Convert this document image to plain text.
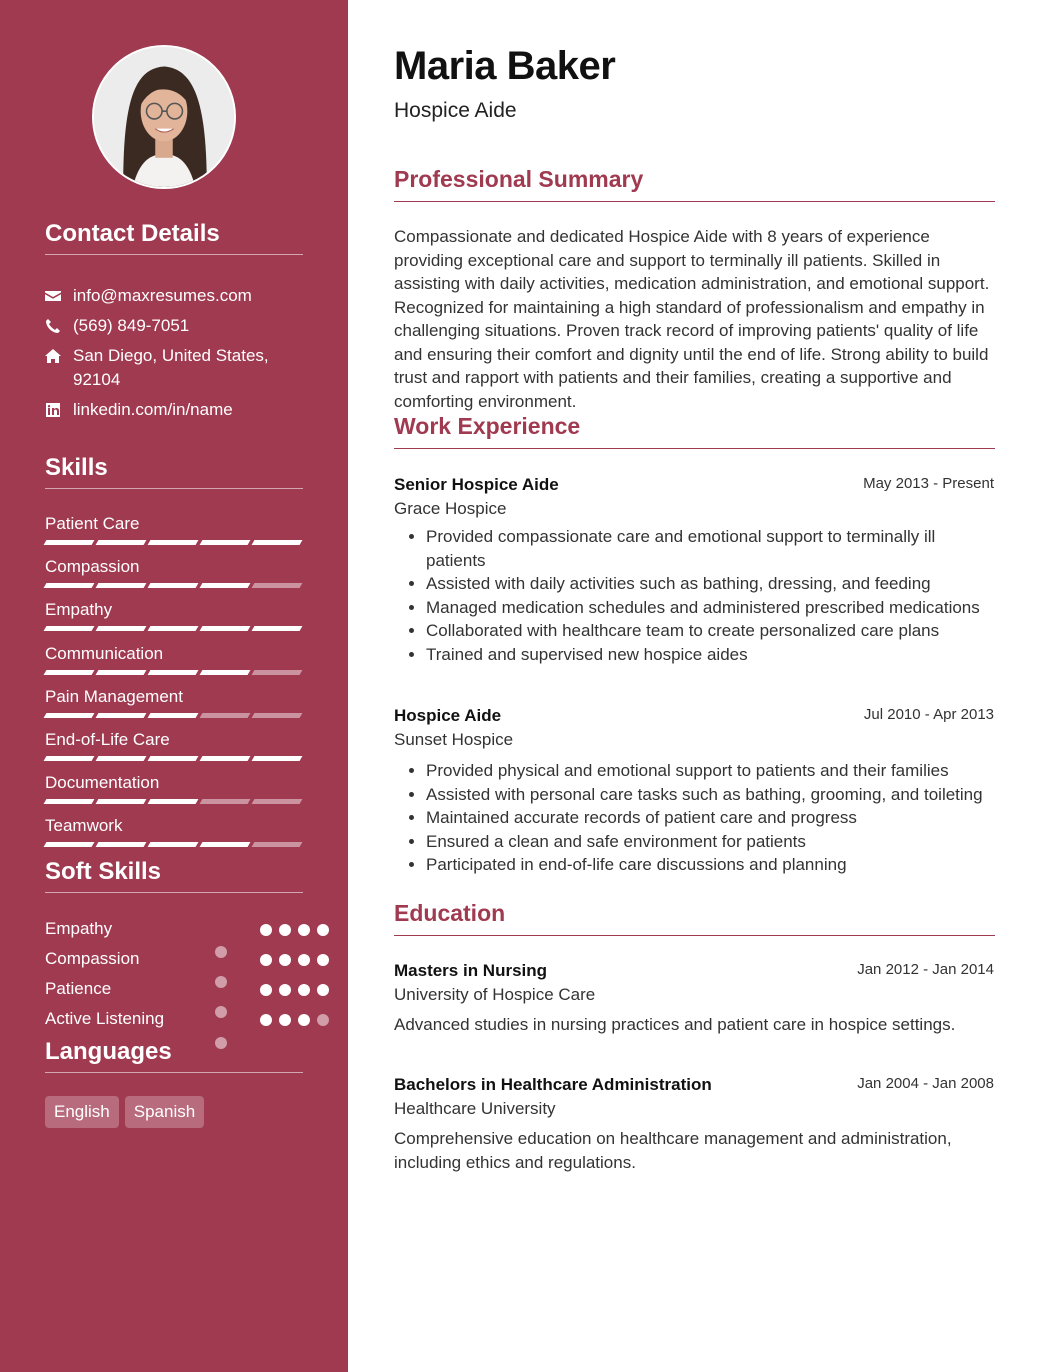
Contact Details
info@maxresumes.com
(569) 849-7051
San Diego, United States, 92104
linkedin.com/in/name
Skills
Patient Care
Compassion
Empathy
Communication
Pain Management
End-of-Life Care
Documentation
Teamwork
Soft Skills
Empathy
Compassion
Patience
Active Listening
Languages
English	Spanish
Maria Baker
Hospice Aide
Professional Summary
Compassionate and dedicated Hospice Aide with 8 years of experience providing exceptional care and support to terminally ill patients. Skilled in assisting with daily activities, medication administration, and emotional support. Recognized for maintaining a high standard of professionalism and empathy in challenging situations. Proven track record of improving patients' quality of life and ensuring their comfort and dignity until the end of life. Strong ability to build trust and rapport with patients and their families, creating a supportive and comforting environment.
Work Experience
Senior Hospice Aide	May 2013 - Present
Grace Hospice
• Provided compassionate care and emotional support to terminally ill patients
• Assisted with daily activities such as bathing, dressing, and feeding
• Managed medication schedules and administered prescribed medications
• Collaborated with healthcare team to create personalized care plans
• Trained and supervised new hospice aides
Hospice Aide	Jul 2010 - Apr 2013
Sunset Hospice
• Provided physical and emotional support to patients and their families
• Assisted with personal care tasks such as bathing, grooming, and toileting
• Maintained accurate records of patient care and progress
• Ensured a clean and safe environment for patients
• Participated in end-of-life care discussions and planning
Education
Masters in Nursing	Jan 2012 - Jan 2014
University of Hospice Care
Advanced studies in nursing practices and patient care in hospice settings.
Bachelors in Healthcare Administration	Jan 2004 - Jan 2008
Healthcare University
Comprehensive education on healthcare management and administration, including ethics and regulations.
